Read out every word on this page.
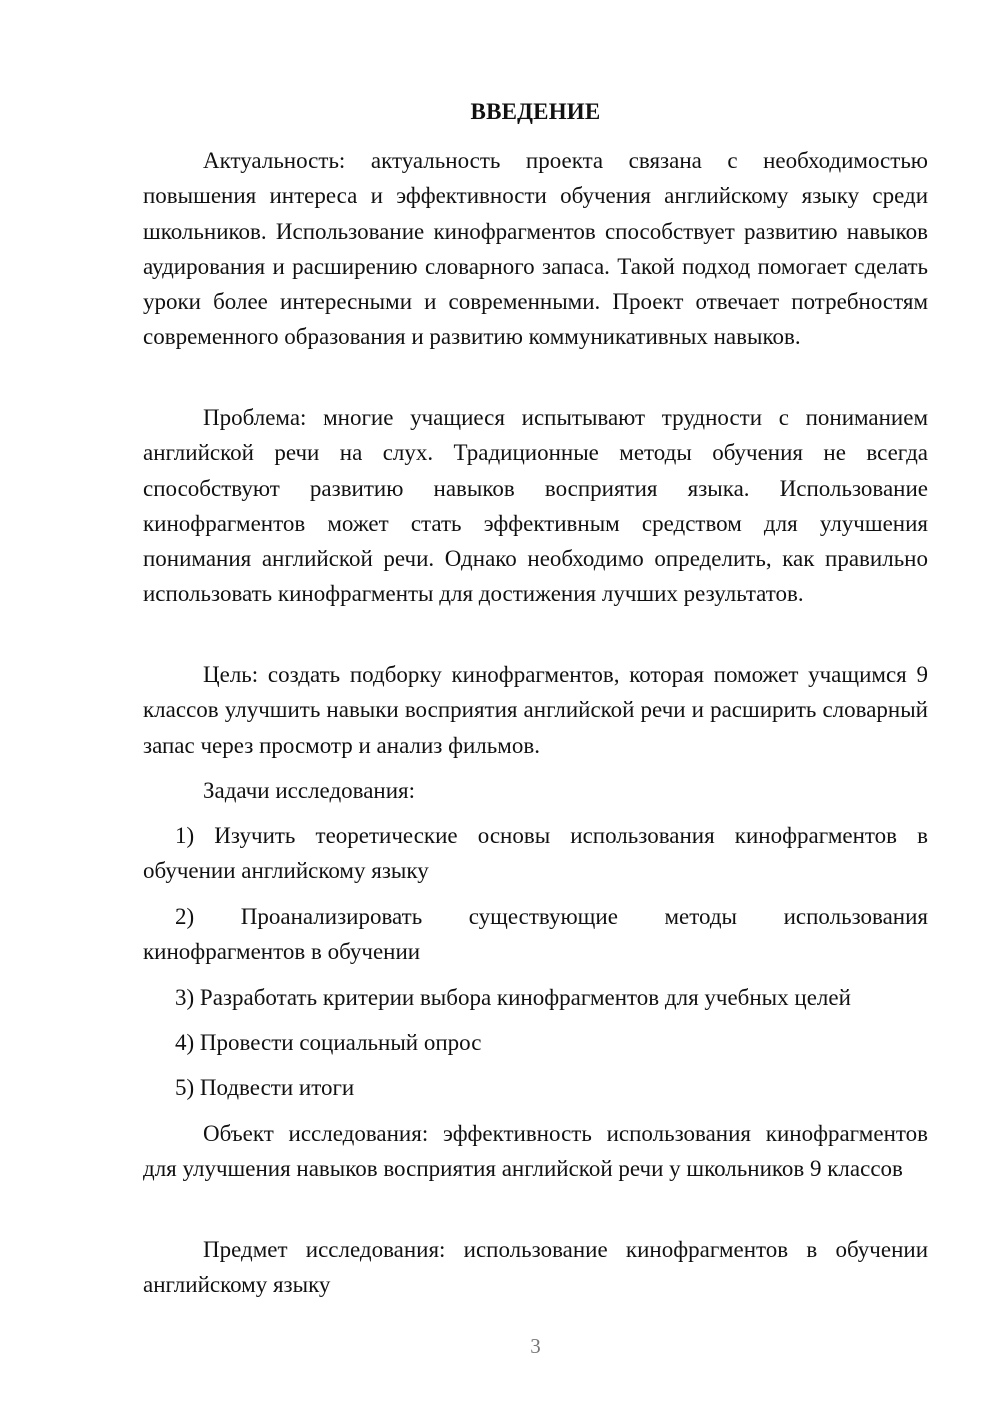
ВВЕДЕНИЕ

Актуальность: актуальность проекта связана с необходимостью повышения интереса и эффективности обучения английскому языку среди школьников. Использование кинофрагментов способствует развитию навыков аудирования и расширению словарного запаса. Такой подход помогает сделать уроки более интересными и современными. Проект отвечает потребностям современного образования и развитию коммуникативных навыков.

Проблема: многие учащиеся испытывают трудности с пониманием английской речи на слух. Традиционные методы обучения не всегда способствуют развитию навыков восприятия языка. Использование кинофрагментов может стать эффективным средством для улучшения понимания английской речи. Однако необходимо определить, как правильно использовать кинофрагменты для достижения лучших результатов.

Цель: создать подборку кинофрагментов, которая поможет учащимся 9 классов улучшить навыки восприятия английской речи и расширить словарный запас через просмотр и анализ фильмов.

Задачи исследования:

1) Изучить теоретические основы использования кинофрагментов в обучении английскому языку

2) Проанализировать существующие методы использования кинофрагментов в обучении

3) Разработать критерии выбора кинофрагментов для учебных целей

4) Провести социальный опрос

5) Подвести итоги

Объект исследования: эффективность использования кинофрагментов для улучшения навыков восприятия английской речи у школьников 9 классов

Предмет исследования: использование кинофрагментов в обучении английскому языку

3
